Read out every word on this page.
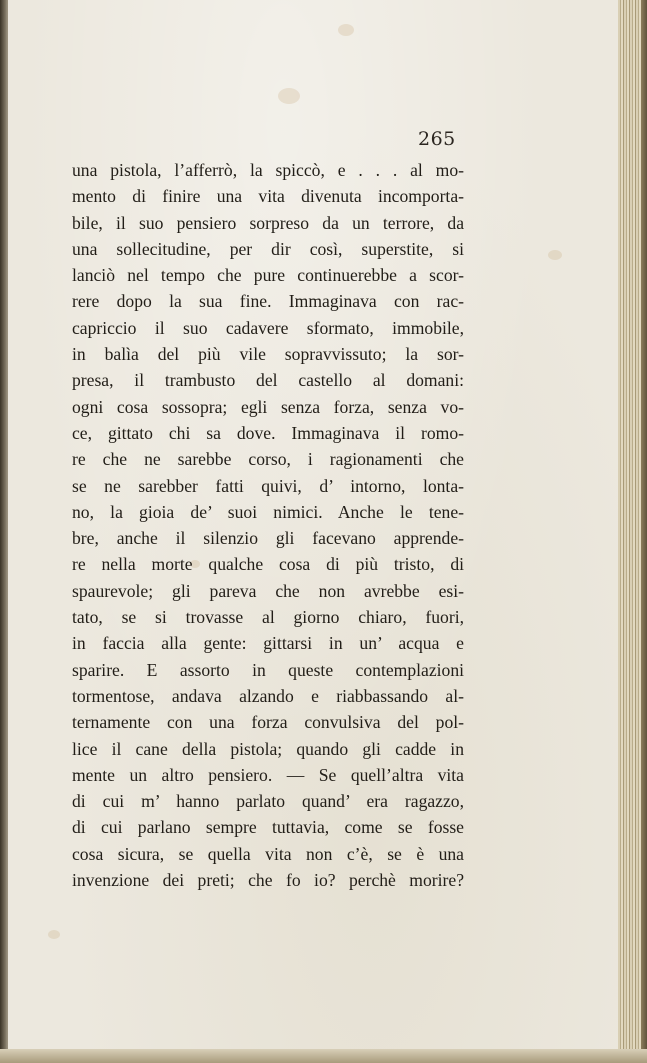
265
una pistola, l’afferrò, la spiccò, e . . . al mo-
mento di finire una vita divenuta incomporta-
bile, il suo pensiero sorpreso da un terrore, da
una sollecitudine, per dir così, superstite, si
lanciò nel tempo che pure continuerebbe a scor-
rere dopo la sua fine. Immaginava con rac-
capriccio il suo cadavere sformato, immobile,
in balìa del più vile sopravvissuto; la sor-
presa, il trambusto del castello al domani:
ogni cosa sossopra; egli senza forza, senza vo-
ce, gittato chi sa dove. Immaginava il romo-
re che ne sarebbe corso, i ragionamenti che
se ne sarebber fatti quivi, d’ intorno, lonta-
no, la gioia de’ suoi nimici. Anche le tene-
bre, anche il silenzio gli facevano apprende-
re nella morte qualche cosa di più tristo, di
spaurevole; gli pareva che non avrebbe esi-
tato, se si trovasse al giorno chiaro, fuori,
in faccia alla gente: gittarsi in un’ acqua e
sparire. E assorto in queste contemplazioni
tormentose, andava alzando e riabbassando al-
ternamente con una forza convulsiva del pol-
lice il cane della pistola; quando gli cadde in
mente un altro pensiero. — Se quell’altra vita
di cui m’ hanno parlato quand’ era ragazzo,
di cui parlano sempre tuttavia, come se fosse
cosa sicura, se quella vita non c’è, se è una
invenzione dei preti; che fo io? perchè morire?
